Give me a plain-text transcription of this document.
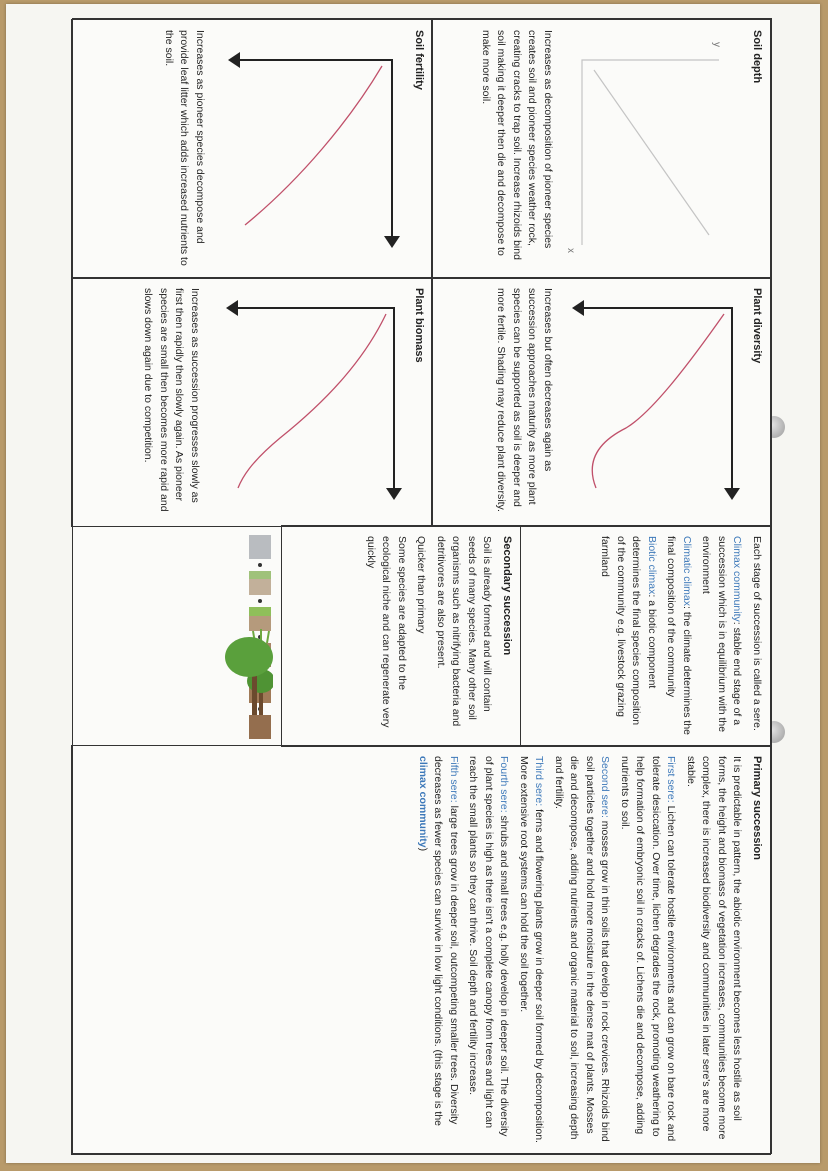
Soil depth
y
x

Increases as decomposition of pioneer species creates soil and pioneer species weather rock, creating cracks to trap soil. Increase rhizoids bind soil making it deeper then die and decompose to make more soil.

Soil fertility

Increases as pioneer species decompose and provide leaf litter which adds increased nutrients to the soil.

Plant diversity

Increases but often decreases again as succession approaches maturity as more plant species can be supported as soil is deeper and more fertile. Shading may reduce plant diversity.

Plant biomass

Increases as succession progresses slowly as first then rapidly then slowly again. As pioneer species are small then becomes more rapid and slows down again due to competition.

Each stage of succession is called a sere.

Climax community: stable end stage of a succession which is in equilibrium with the environment

Climatic climax: the climate determines the final composition of the community

Biotic climax: a biotic component determines the final species composition of the community e.g. livestock grazing farmland

Secondary succession

Soil is already formed and will contain seeds of many species. Many other soil organisms such as nitrifying bacteria and detritivores are also present.

Quicker than primary

Some species are adapted to the ecological niche and can regenerate very quickly

Primary succession

It is predictable in pattern, the abiotic environment becomes less hostile as soil forms, the height and biomass of vegetation increases, communities become more complex, there is increased biodiversity and communities in later sere's are more stable.

First sere: Lichen can tolerate hostile environments and can grow on bare rock and tolerate desiccation. Over time, lichen degrades the rock, promoting weathering to help formation of embryonic soil in cracks of. Lichens die and decompose, adding nutrients to soil.

Second sere: mosses grow in thin soils that develop in rock crevices. Rhizoids bind soil particles together and hold more moisture in the dense mat of plants. Mosses die and decompose, adding nutrients and organic material to soil, increasing depth and fertility.

Third sere: ferns and flowering plants grow in deeper soil formed by decomposition. More extensive root systems can hold the soil together.

Fourth sere: shrubs and small trees e.g. holly develop in deeper soil. The diversity of plant species is high as there isn't a complete canopy from trees and light can reach the small plants so they can thrive. Soil depth and fertility increase.

Fifth sere: large trees grow in deeper soil, outcompeting smaller trees. Diversity decreases as fewer species can survive in low light conditions. (this stage is the climax community)
